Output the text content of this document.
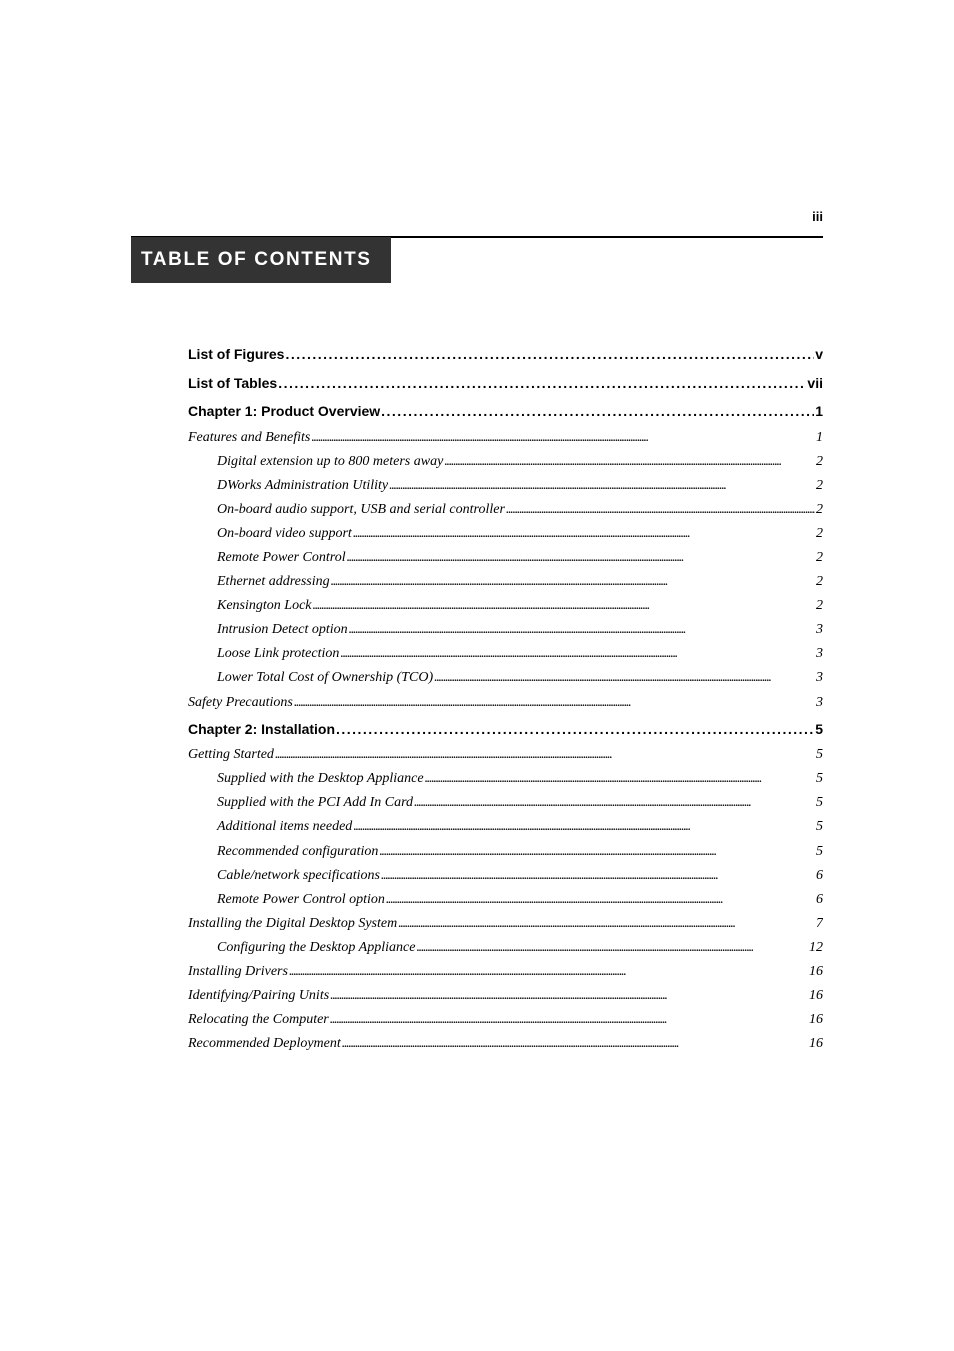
iii
TABLE OF CONTENTS
List of Figures . . .	v
List of Tables . . .	vii
Chapter 1: Product Overview . . .	1
Features and Benefits . . .	1
Digital extension up to 800 meters away . . .	2
DWorks Administration Utility . . .	2
On-board audio support, USB and serial controller . . .	2
On-board video support . . .	2
Remote Power Control . . .	2
Ethernet addressing . . .	2
Kensington Lock . . .	2
Intrusion Detect option . . .	3
Loose Link protection . . .	3
Lower Total Cost of Ownership (TCO) . . .	3
Safety Precautions . . .	3
Chapter 2: Installation . . .	5
Getting Started . . .	5
Supplied with the Desktop Appliance . . .	5
Supplied with the PCI Add In Card . . .	5
Additional items needed . . .	5
Recommended configuration . . .	5
Cable/network specifications . . .	6
Remote Power Control option . . .	6
Installing the Digital Desktop System . . .	7
Configuring the Desktop Appliance . . .	12
Installing Drivers . . .	16
Identifying/Pairing Units . . .	16
Relocating the Computer . . .	16
Recommended Deployment . . .	16
